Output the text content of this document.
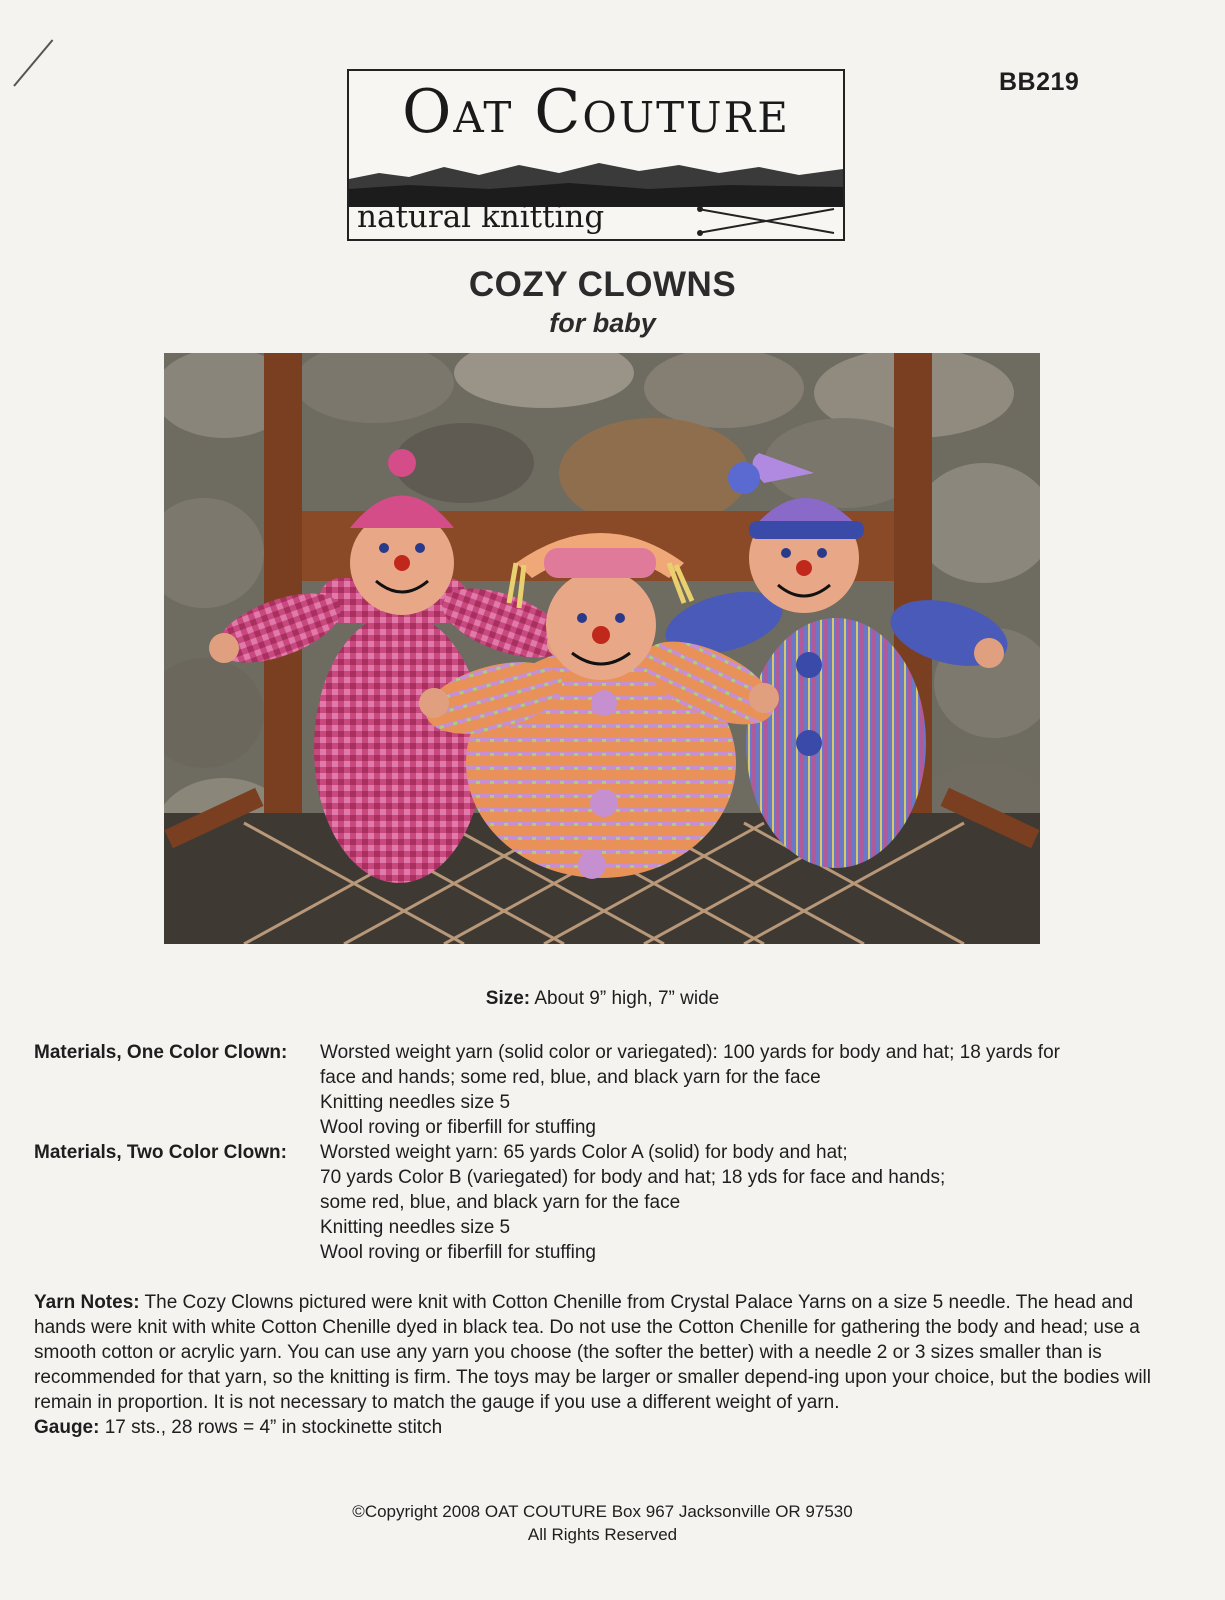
BB219
Oat Couture
natural knitting
COZY CLOWNS
for baby
Size: About 9” high, 7” wide
Materials, One Color Clown:	Worsted weight yarn (solid color or variegated): 100 yards for body and hat; 18 yards for
face and hands; some red, blue, and black yarn for the face
Knitting needles size 5
Wool roving or fiberfill for stuffing
Materials, Two Color Clown:	Worsted weight yarn: 65 yards Color A (solid) for body and hat;
70 yards Color B (variegated) for body and hat; 18 yds for face and hands;
some red, blue, and black yarn for the face
Knitting needles size 5
Wool roving or fiberfill for stuffing
Yarn Notes: The Cozy Clowns pictured were knit with Cotton Chenille from Crystal Palace Yarns on a size 5 needle. The head and hands were knit with white Cotton Chenille dyed in black tea. Do not use the Cotton Chenille for gathering the body and head; use a smooth cotton or acrylic yarn. You can use any yarn you choose (the softer the better) with a needle 2 or 3 sizes smaller than is recommended for that yarn, so the knitting is firm. The toys may be larger or smaller depend-ing upon your choice, but the bodies will remain in proportion. It is not necessary to match the gauge if you use a different weight of yarn.
Gauge: 17 sts., 28 rows = 4” in stockinette stitch
©Copyright 2008 OAT COUTURE Box 967 Jacksonville OR 97530
All Rights Reserved
